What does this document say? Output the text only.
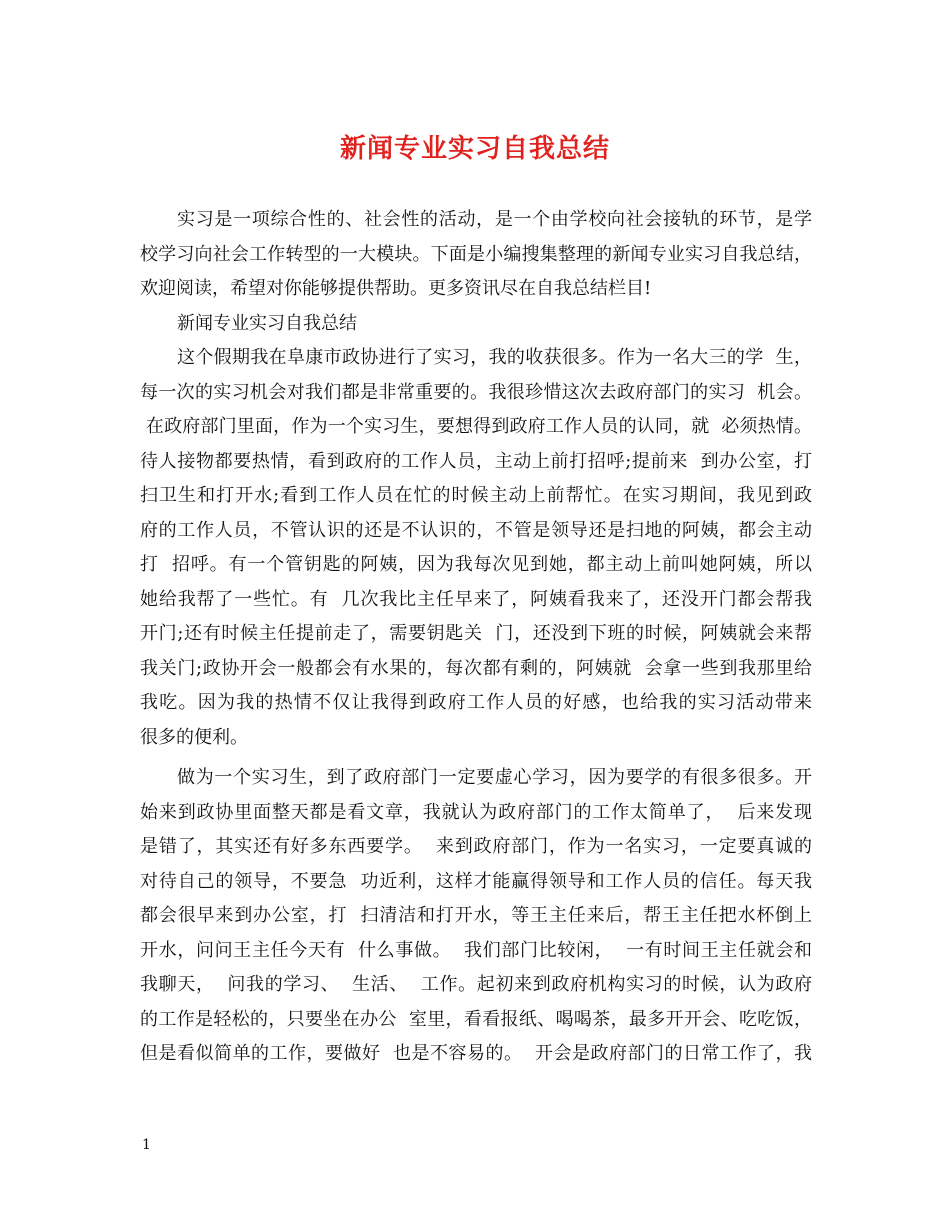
新闻专业实习自我总结
实习是一项综合性的、社会性的活动，是一个由学校向社会接轨的环节，是学
校学习向社会工作转型的一大模块。下面是小编搜集整理的新闻专业实习自我总结，
欢迎阅读，希望对你能够提供帮助。更多资讯尽在自我总结栏目!
新闻专业实习自我总结
这个假期我在阜康市政协进行了实习，我的收获很多。作为一名大三的学  生，
每一次的实习机会对我们都是非常重要的。我很珍惜这次去政府部门的实习  机会。
在政府部门里面，作为一个实习生，要想得到政府工作人员的认同，就  必须热情。
待人接物都要热情，看到政府的工作人员，主动上前打招呼;提前来  到办公室，打
扫卫生和打开水;看到工作人员在忙的时候主动上前帮忙。在实习期间，我见到政
府的工作人员，不管认识的还是不认识的，不管是领导还是扫地的阿姨，都会主动
打  招呼。有一个管钥匙的阿姨，因为我每次见到她，都主动上前叫她阿姨，所以
她给我帮了一些忙。有  几次我比主任早来了，阿姨看我来了，还没开门都会帮我
开门;还有时候主任提前走了，需要钥匙关  门，还没到下班的时候，阿姨就会来帮
我关门;政协开会一般都会有水果的，每次都有剩的，阿姨就  会拿一些到我那里给
我吃。因为我的热情不仅让我得到政府工作人员的好感，也给我的实习活动带来
很多的便利。
做为一个实习生，到了政府部门一定要虚心学习，因为要学的有很多很多。开
始来到政协里面整天都是看文章，我就认为政府部门的工作太简单了，  后来发现
是错了，其实还有好多东西要学。  来到政府部门，作为一名实习，一定要真诚的
对待自己的领导，不要急  功近利，这样才能赢得领导和工作人员的信任。每天我
都会很早来到办公室，打  扫清洁和打开水，等王主任来后，帮王主任把水杯倒上
开水，问问王主任今天有  什么事做。  我们部门比较闲，  一有时间王主任就会和
我聊天，  问我的学习、  生活、  工作。起初来到政府机构实习的时候，认为政府
的工作是轻松的，只要坐在办公  室里，看看报纸、喝喝茶，最多开开会、吃吃饭，
但是看似简单的工作，要做好  也是不容易的。  开会是政府部门的日常工作了，我
1
